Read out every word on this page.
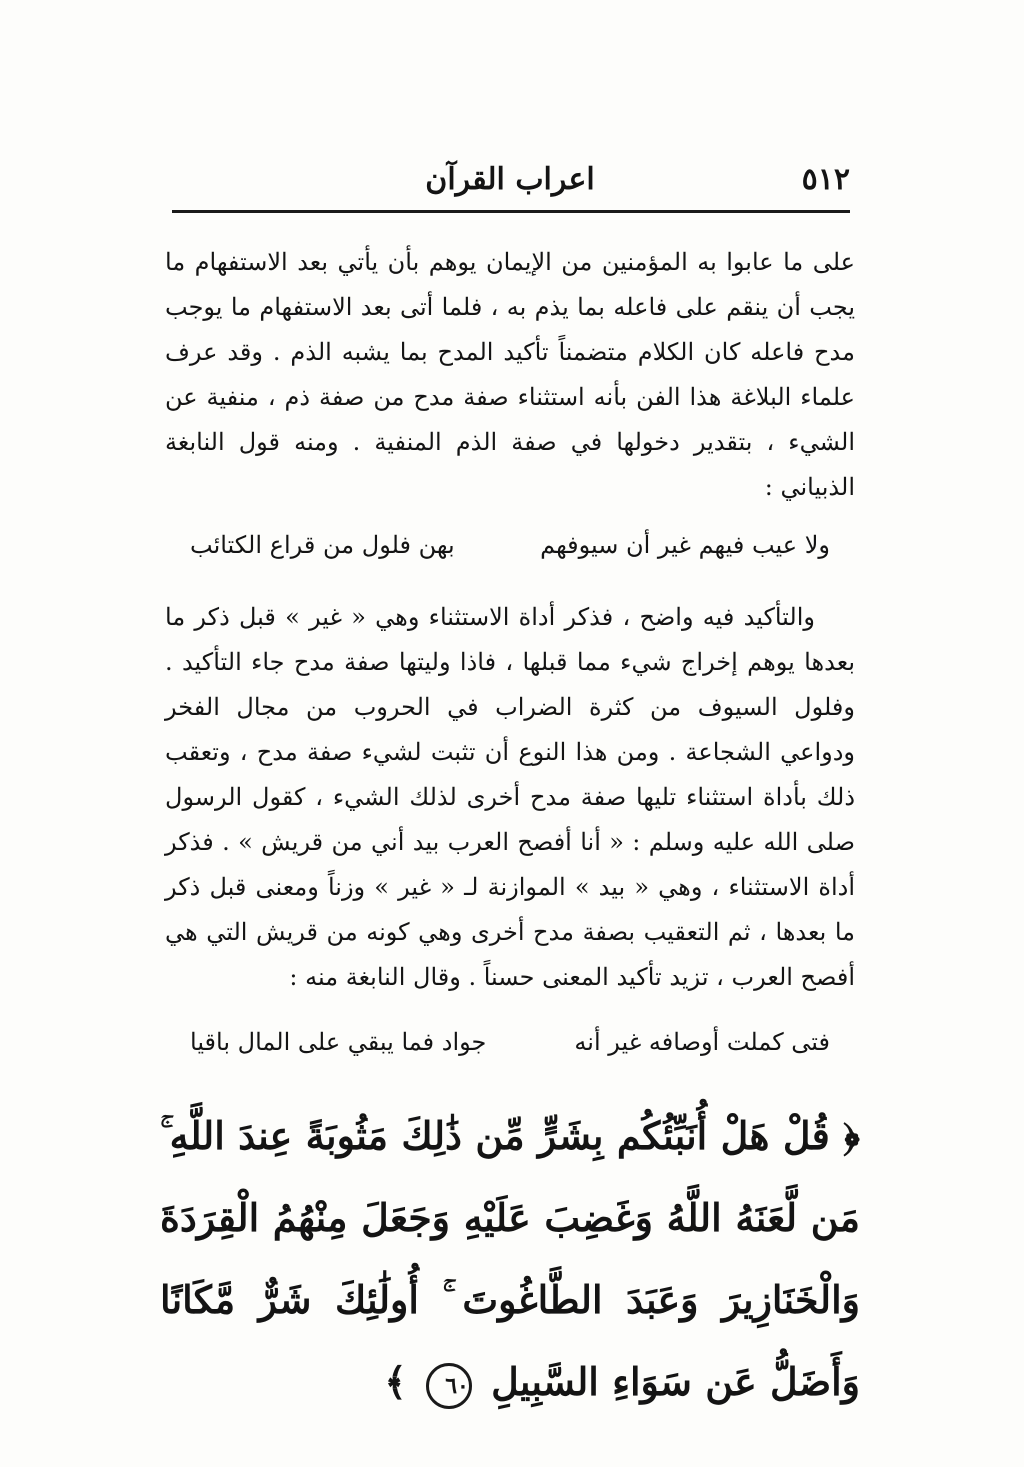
٥١٢
اعراب القرآن
على ما عابوا به المؤمنين من الإيمان يوهم بأن يأتي بعد الاستفهام ما يجب أن ينقم على فاعله بما يذم به ، فلما أتى بعد الاستفهام ما يوجب مدح فاعله كان الكلام متضمناً تأكيد المدح بما يشبه الذم . وقد عرف علماء البلاغة هذا الفن بأنه استثناء صفة مدح من صفة ذم ، منفية عن الشيء ، بتقدير دخولها في صفة الذم المنفية . ومنه قول النابغة الذبياني :
ولا عيب فيهم غير أن سيوفهم
بهن فلول من قراع الكتائب
والتأكيد فيه واضح ، فذكر أداة الاستثناء وهي « غير » قبل ذكر ما بعدها يوهم إخراج شيء مما قبلها ، فاذا وليتها صفة مدح جاء التأكيد . وفلول السيوف من كثرة الضراب في الحروب من مجال الفخر ودواعي الشجاعة . ومن هذا النوع أن تثبت لشيء صفة مدح ، وتعقب ذلك بأداة استثناء تليها صفة مدح أخرى لذلك الشيء ، كقول الرسول صلى الله عليه وسلم : « أنا أفصح العرب بيد أني من قريش » . فذكر أداة الاستثناء ، وهي « بيد » الموازنة لـ « غير » وزناً ومعنى قبل ذكر ما بعدها ، ثم التعقيب بصفة مدح أخرى وهي كونه من قريش التي هي أفصح العرب ، تزيد تأكيد المعنى حسناً . وقال النابغة منه :
فتى كملت أوصافه غير أنه
جواد فما يبقي على المال باقيا
﴿ قُلْ هَلْ أُنَبِّئُكُم بِشَرٍّ مِّن ذَٰلِكَ مَثُوبَةً عِندَ اللَّهِ ۚ مَن لَّعَنَهُ اللَّهُ وَغَضِبَ عَلَيْهِ وَجَعَلَ مِنْهُمُ الْقِرَدَةَ وَالْخَنَازِيرَ وَعَبَدَ الطَّاغُوتَ ۚ أُولَٰئِكَ شَرٌّ مَّكَانًا وَأَضَلُّ عَن سَوَاءِ السَّبِيلِ ٦٠ ﴾
